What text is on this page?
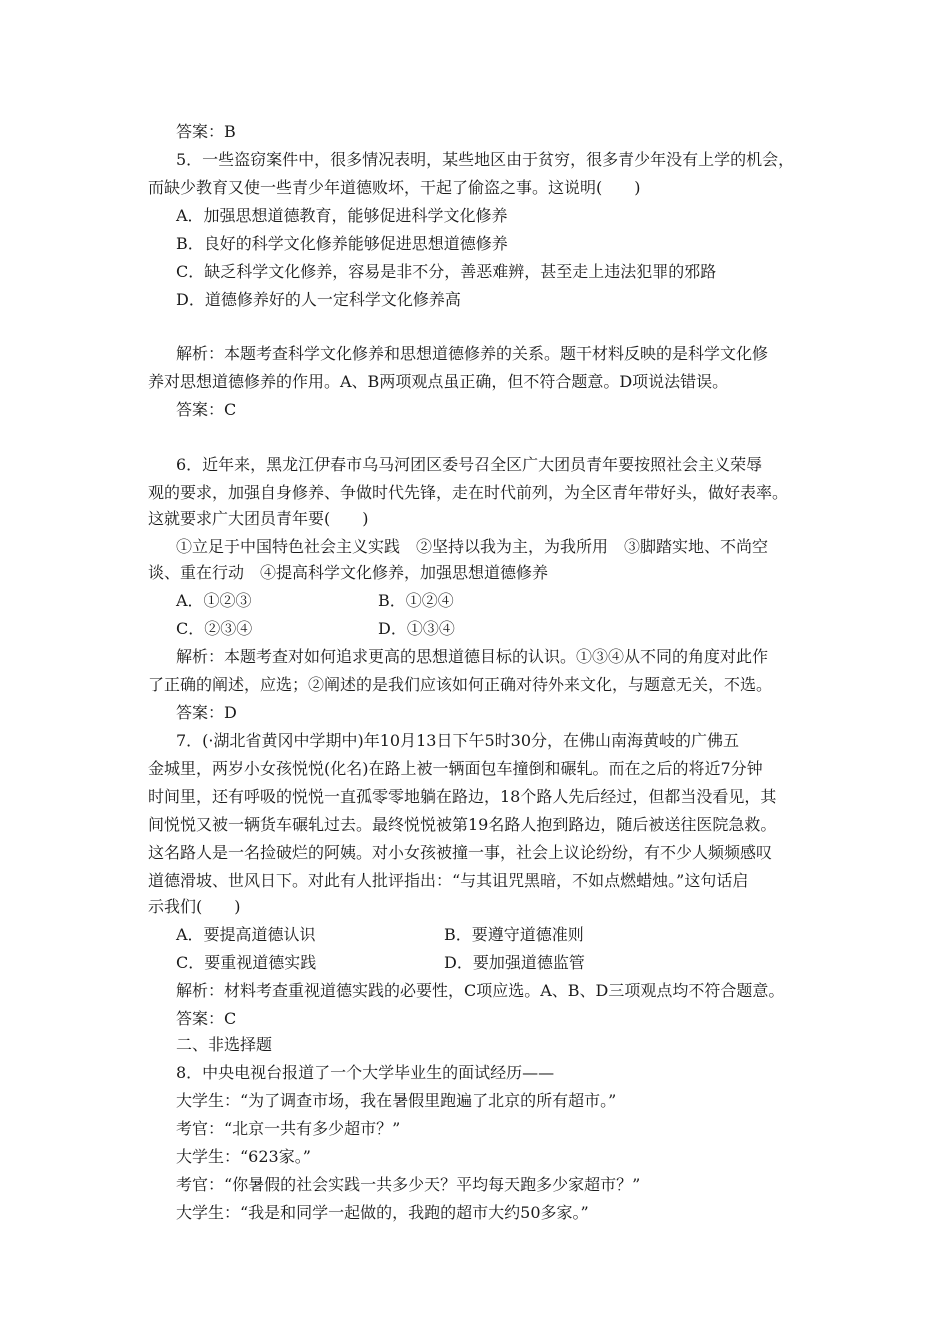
答案：B
5．一些盗窃案件中，很多情况表明，某些地区由于贫穷，很多青少年没有上学的机会，
而缺少教育又使一些青少年道德败坏，干起了偷盗之事。这说明(　　)
A．加强思想道德教育，能够促进科学文化修养
B．良好的科学文化修养能够促进思想道德修养
C．缺乏科学文化修养，容易是非不分，善恶难辨，甚至走上违法犯罪的邪路
D．道德修养好的人一定科学文化修养高
解析：本题考查科学文化修养和思想道德修养的关系。题干材料反映的是科学文化修
养对思想道德修养的作用。A、B两项观点虽正确，但不符合题意。D项说法错误。
答案：C
6．近年来，黑龙江伊春市乌马河团区委号召全区广大团员青年要按照社会主义荣辱
观的要求，加强自身修养、争做时代先锋，走在时代前列，为全区青年带好头，做好表率。
这就要求广大团员青年要(　　)
①立足于中国特色社会主义实践　②坚持以我为主，为我所用　③脚踏实地、不尚空
谈、重在行动　④提高科学文化修养，加强思想道德修养
A．①②③	B．①②④
C．②③④	D．①③④
解析：本题考查对如何追求更高的思想道德目标的认识。①③④从不同的角度对此作
了正确的阐述，应选；②阐述的是我们应该如何正确对待外来文化，与题意无关，不选。
答案：D
7．(·湖北省黄冈中学期中)年10月13日下午5时30分，在佛山南海黄岐的广佛五
金城里，两岁小女孩悦悦(化名)在路上被一辆面包车撞倒和碾轧。而在之后的将近7分钟
时间里，还有呼吸的悦悦一直孤零零地躺在路边，18个路人先后经过，但都当没看见，其
间悦悦又被一辆货车碾轧过去。最终悦悦被第19名路人抱到路边，随后被送往医院急救。
这名路人是一名捡破烂的阿姨。对小女孩被撞一事，社会上议论纷纷，有不少人频频感叹
道德滑坡、世风日下。对此有人批评指出：“与其诅咒黑暗，不如点燃蜡烛。”这句话启
示我们(　　)
A．要提高道德认识	B．要遵守道德准则
C．要重视道德实践	D．要加强道德监管
解析：材料考查重视道德实践的必要性，C项应选。A、B、D三项观点均不符合题意。
答案：C
二、非选择题
8．中央电视台报道了一个大学毕业生的面试经历——
大学生：“为了调查市场，我在暑假里跑遍了北京的所有超市。”
考官：“北京一共有多少超市？”
大学生：“623家。”
考官：“你暑假的社会实践一共多少天？平均每天跑多少家超市？”
大学生：“我是和同学一起做的，我跑的超市大约50多家。”
